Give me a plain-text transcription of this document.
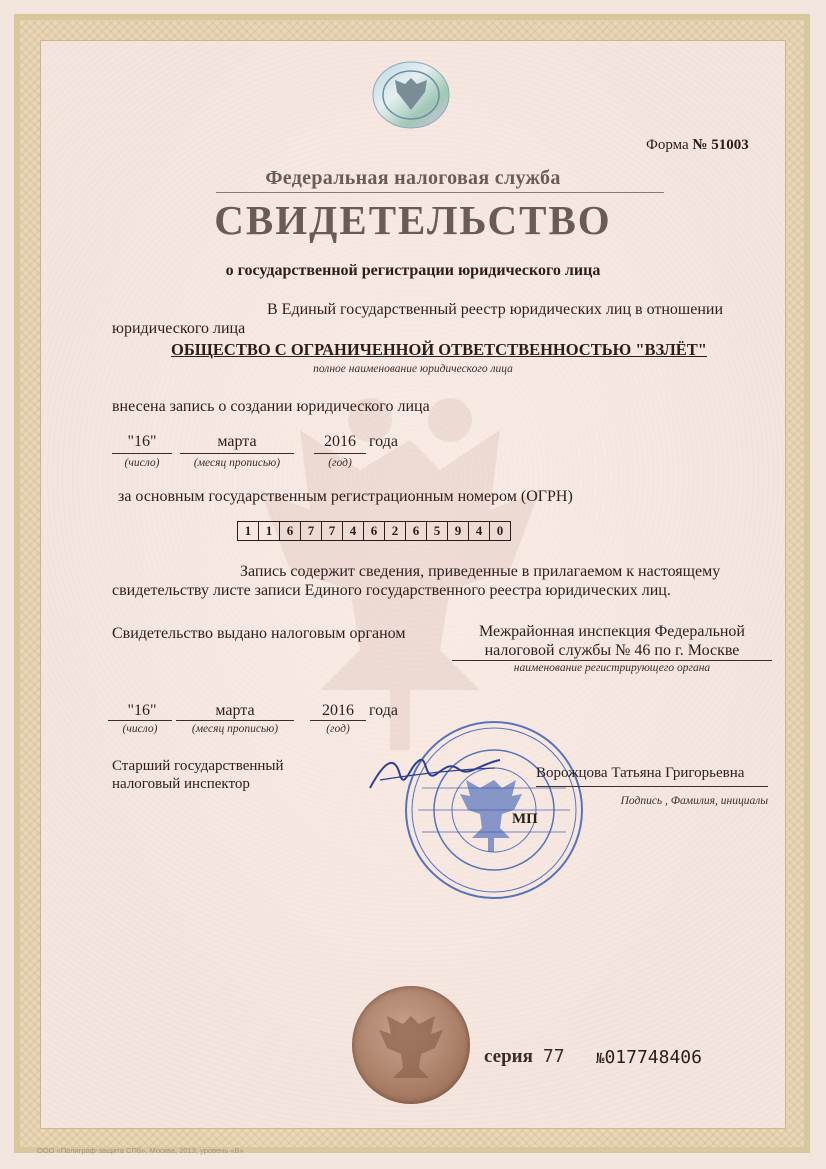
Форма № 51003
Федеральная налоговая служба
СВИДЕТЕЛЬСТВО
о государственной регистрации юридического лица
В Единый государственный реестр юридических лиц в отношении
юридического лица
ОБЩЕСТВО С ОГРАНИЧЕННОЙ ОТВЕТСТВЕННОСТЬЮ "ВЗЛЁТ"
полное наименование юридического лица
внесена запись о создании юридического лица
"16"
(число)
марта
(месяц прописью)
2016
(год)
года
за основным государственным регистрационным номером (ОГРН)
1	1	6	7	7	4	6	2	6	5	9	4	0
Запись содержит сведения, приведенные в прилагаемом к настоящему
свидетельству листе записи Единого государственного реестра юридических лиц.
Свидетельство выдано налоговым органом	Межрайонная инспекция Федеральной
налоговой службы № 46 по г. Москве
наименование регистрирующего органа
"16"
(число)
марта
(месяц прописью)
2016
(год)
года
Старший государственный
налоговый инспектор
Ворожцова Татьяна Григорьевна
Подпись , Фамилия, инициалы
МП
серия 77 №017748406
ООО «Полиграф-защита СПб», Москва, 2013, уровень «В»
